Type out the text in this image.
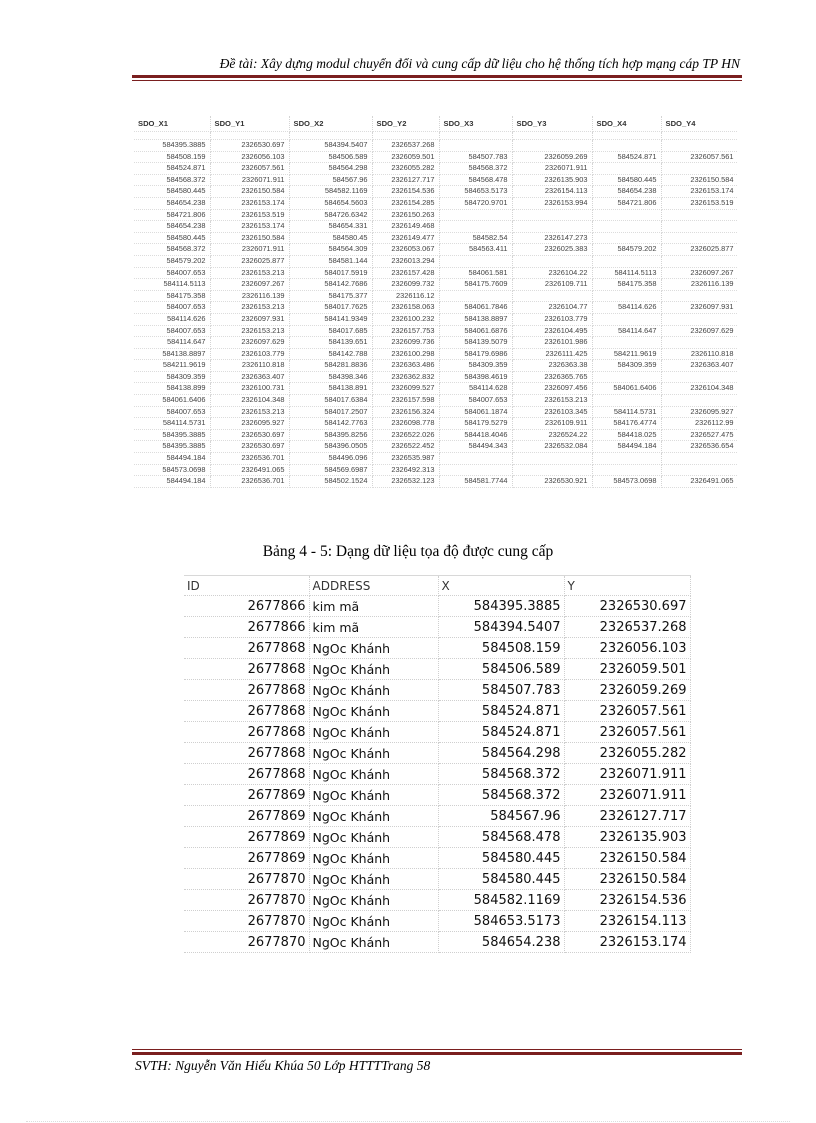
Đề tài: Xây dựng modul chuyển đổi và cung cấp dữ liệu cho hệ thống tích hợp mạng cáp TP HN
SDO_X1	SDO_Y1	SDO_X2	SDO_Y2	SDO_X3	SDO_Y3	SDO_X4	SDO_Y4

584395.3885	2326530.697	584394.5407	2326537.268				
584508.159	2326056.103	584506.589	2326059.501	584507.783	2326059.269	584524.871	2326057.561
584524.871	2326057.561	584564.298	2326055.282	584568.372	2326071.911		
584568.372	2326071.911	584567.96	2326127.717	584568.478	2326135.903	584580.445	2326150.584
584580.445	2326150.584	584582.1169	2326154.536	584653.5173	2326154.113	584654.238	2326153.174
584654.238	2326153.174	584654.5603	2326154.285	584720.9701	2326153.994	584721.806	2326153.519
584721.806	2326153.519	584726.6342	2326150.263				
584654.238	2326153.174	584654.331	2326149.468				
584580.445	2326150.584	584580.45	2326149.477	584582.54	2326147.273		
584568.372	2326071.911	584564.309	2326053.067	584563.411	2326025.383	584579.202	2326025.877
584579.202	2326025.877	584581.144	2326013.294				
584007.653	2326153.213	584017.5919	2326157.428	584061.581	2326104.22	584114.5113	2326097.267
584114.5113	2326097.267	584142.7686	2326099.732	584175.7609	2326109.711	584175.358	2326116.139
584175.358	2326116.139	584175.377	2326116.12				
584007.653	2326153.213	584017.7625	2326158.063	584061.7846	2326104.77	584114.626	2326097.931
584114.626	2326097.931	584141.9349	2326100.232	584138.8897	2326103.779		
584007.653	2326153.213	584017.685	2326157.753	584061.6876	2326104.495	584114.647	2326097.629
584114.647	2326097.629	584139.651	2326099.736	584139.5079	2326101.986		
584138.8897	2326103.779	584142.788	2326100.298	584179.6986	2326111.425	584211.9619	2326110.818
584211.9619	2326110.818	584281.8836	2326363.486	584309.359	2326363.38	584309.359	2326363.407
584309.359	2326363.407	584398.346	2326362.832	584398.4619	2326365.765		
584138.899	2326100.731	584138.891	2326099.527	584114.628	2326097.456	584061.6406	2326104.348
584061.6406	2326104.348	584017.6384	2326157.598	584007.653	2326153.213		
584007.653	2326153.213	584017.2507	2326156.324	584061.1874	2326103.345	584114.5731	2326095.927
584114.5731	2326095.927	584142.7763	2326098.778	584179.5279	2326109.911	584176.4774	2326112.99
584395.3885	2326530.697	584395.8256	2326522.026	584418.4046	2326524.22	584418.025	2326527.475
584395.3885	2326530.697	584396.0505	2326522.452	584494.343	2326532.084	584494.184	2326536.654
584494.184	2326536.701	584496.096	2326535.987				
584573.0698	2326491.065	584569.6987	2326492.313				
584494.184	2326536.701	584502.1524	2326532.123	584581.7744	2326530.921	584573.0698	2326491.065
Bảng 4 - 5: Dạng dữ liệu tọa độ được cung cấp
ID	ADDRESS	X	Y
2677866	kim mã	584395.3885	2326530.697
2677866	kim mã	584394.5407	2326537.268
2677868	NgOc Khánh	584508.159	2326056.103
2677868	NgOc Khánh	584506.589	2326059.501
2677868	NgOc Khánh	584507.783	2326059.269
2677868	NgOc Khánh	584524.871	2326057.561
2677868	NgOc Khánh	584524.871	2326057.561
2677868	NgOc Khánh	584564.298	2326055.282
2677868	NgOc Khánh	584568.372	2326071.911
2677869	NgOc Khánh	584568.372	2326071.911
2677869	NgOc Khánh	584567.96	2326127.717
2677869	NgOc Khánh	584568.478	2326135.903
2677869	NgOc Khánh	584580.445	2326150.584
2677870	NgOc Khánh	584580.445	2326150.584
2677870	NgOc Khánh	584582.1169	2326154.536
2677870	NgOc Khánh	584653.5173	2326154.113
2677870	NgOc Khánh	584654.238	2326153.174
SVTH: Nguyễn Văn Hiếu Khúa 50 Lớp HTTTTrang 58
